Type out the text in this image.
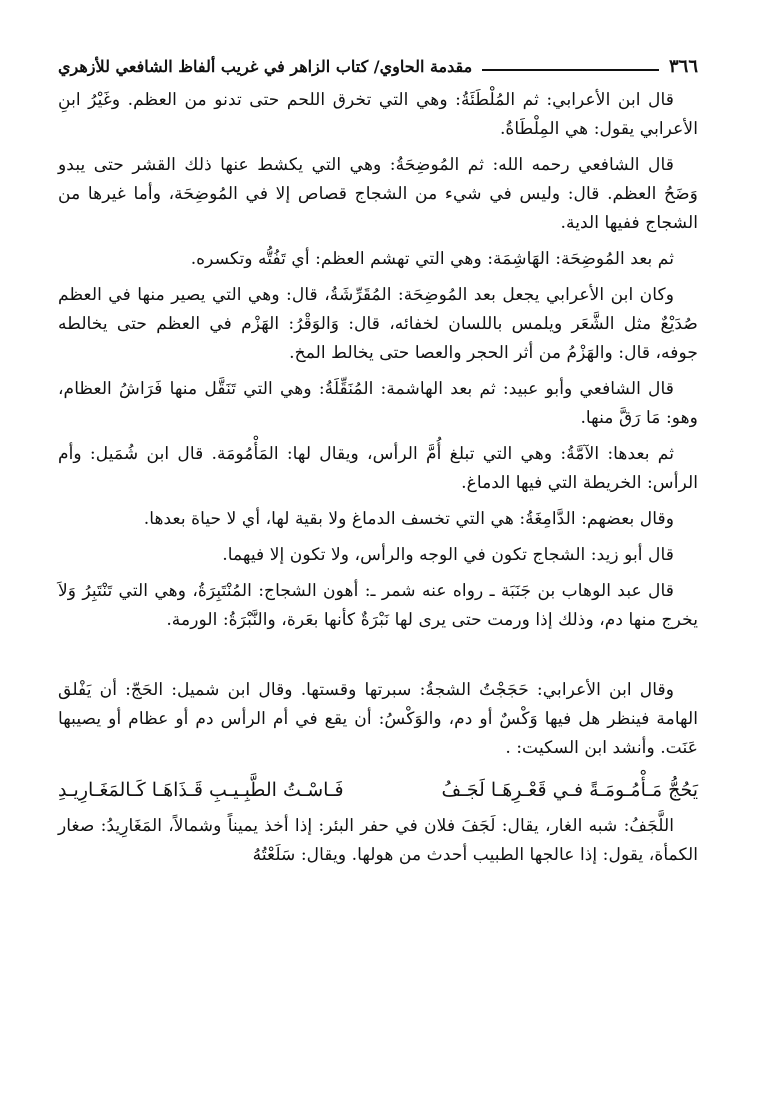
٣٦٦
مقدمة الحاوي/ كتاب الزاهر في غريب ألفاظ الشافعي للأزهري

قال ابن الأعرابي: ثم المُلْطَئَةُ: وهي التي تخرق اللحم حتى تدنو من العظم. وغَيْرُ ابنِ الأعرابي يقول: هي المِلْطَاةُ.

قال الشافعي رحمه الله: ثم المُوضِحَةُ: وهي التي يكشط عنها ذلك القشر حتى يبدو وَضَحُ العظم. قال: وليس في شيء من الشجاج قصاص إلا في المُوضِحَة، وأما غيرها من الشجاج ففيها الدية.

ثم بعد المُوضِحَة: الهَاشِمَة: وهي التي تهشم العظم: أي تَفُتُّه وتكسره.

وكان ابن الأعرابي يجعل بعد المُوضِحَة: المُقَرِّشَةُ، قال: وهي التي يصير منها في العظم صُدَيْعٌ مثل الشَّعَر ويلمس باللسان لخفائه، قال: وَالوَقْرُ: الهَزْم في العظم حتى يخالطه جوفه، قال: والهَزْمُ من أثر الحجر والعصا حتى يخالط المخ.

قال الشافعي وأبو عبيد: ثم بعد الهاشمة: المُنَقِّلَةُ: وهي التي تَنَقَّل منها فَرَاشُ العظام، وهو: مَا رَقَّ منها.

ثم بعدها: الآمَّةُ: وهي التي تبلغ أُمَّ الرأس، ويقال لها: المَأْمُومَة. قال ابن شُمَيل: وأم الرأس: الخريطة التي فيها الدماغ.

وقال بعضهم: الدَّامِغَةُ: هي التي تخسف الدماغ ولا بقية لها، أي لا حياة بعدها.

قال أبو زيد: الشجاج تكون في الوجه والرأس، ولا تكون إلا فيهما.

قال عبد الوهاب بن جَنَبَة ـ رواه عنه شمر ـ: أهون الشجاج: المُنْتَبِرَةُ، وهي التي تَنْتَبِرُ وَلاَ يخرج منها دم، وذلك إذا ورمت حتى يرى لها نَبْرَةٌ كأنها بعَرة، والنَّبْرَةُ: الورمة.

وقال ابن الأعرابي: حَجَجْتُ الشجةُ: سبرتها وقستها. وقال ابن شميل: الحَجّ: أن يَفْلق الهامة فينظر هل فيها وَكْسٌ أو دم، والوَكْسُ: أن يقع في أم الرأس دم أو عظام أو يصيبها عَنَت. وأنشد ابن السكيت: .

يَحُجُّ مَـأْمُـومَـةً فـي قَعْـرِهَـا لَجَـفُ
فَـاسْـتُ الطَّبِـيـبِ قَـذَاهَـا كَـالمَغَـارِيـدِ

اللَّجَفُ: شبه الغار، يقال: لَجَفَ فلان في حفر البئر: إذا أخذ يميناً وشمالاً، المَغَارِيدُ: صغار الكمأة، يقول: إذا عالجها الطبيب أحدث من هولها. ويقال: سَلَعْتُهُ
